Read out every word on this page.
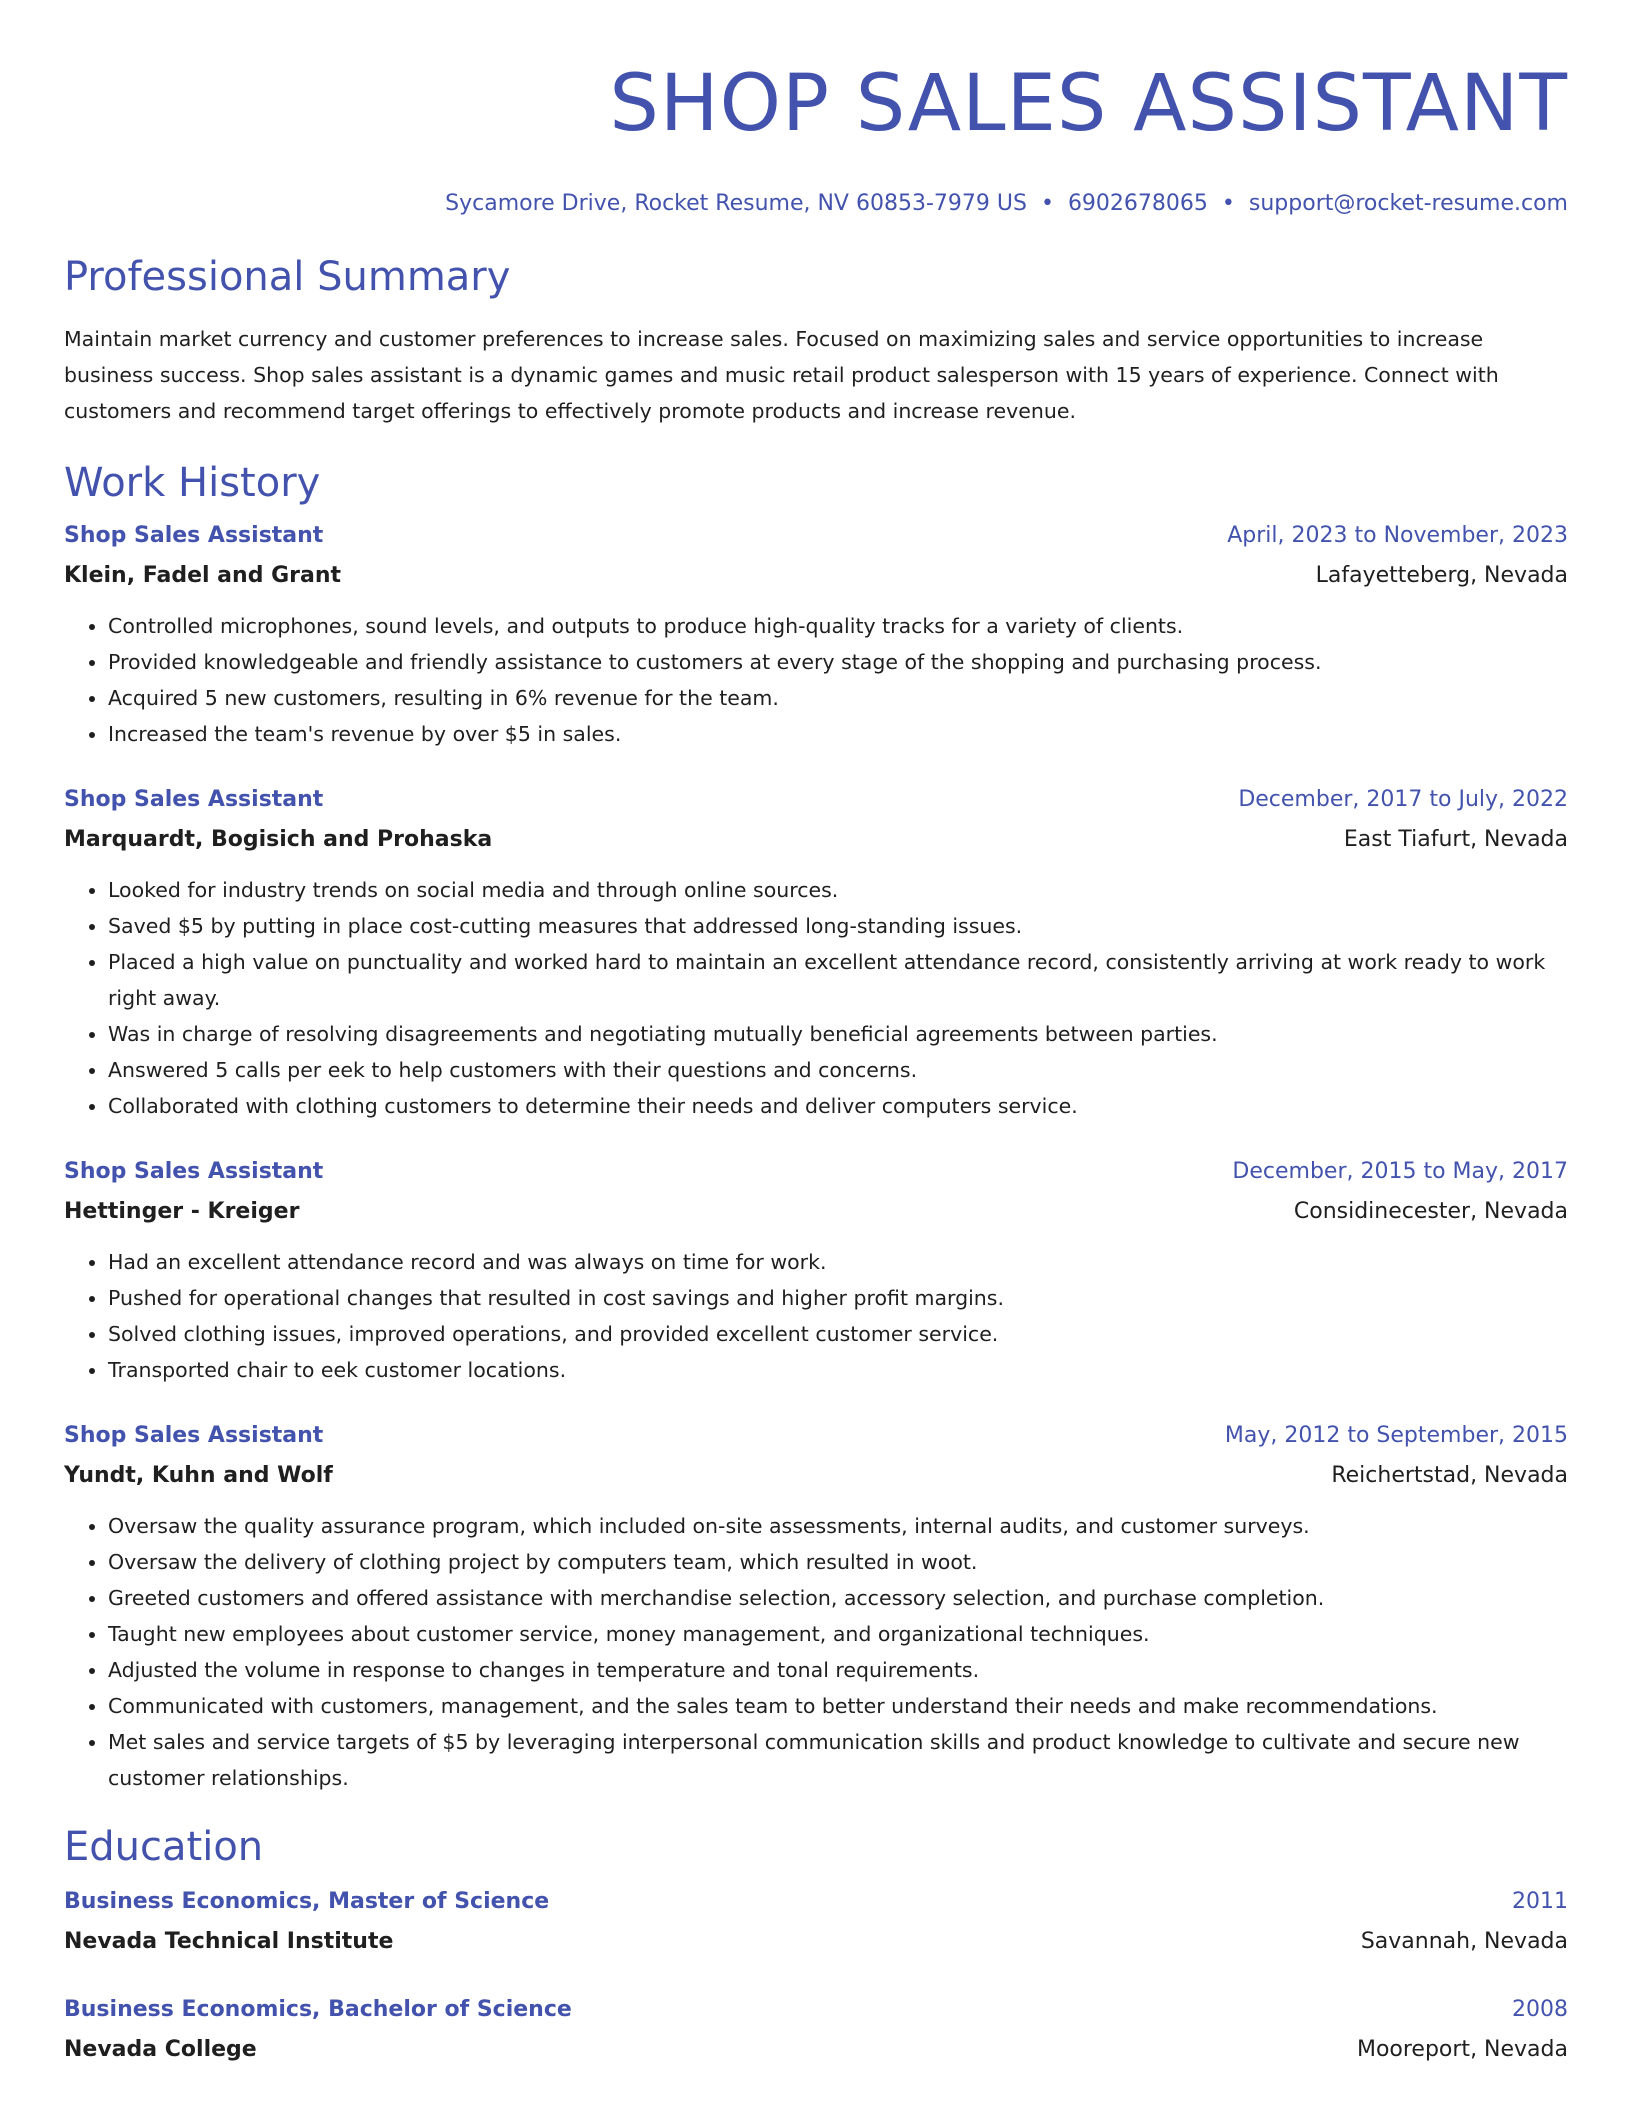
SHOP SALES ASSISTANT
Sycamore Drive, Rocket Resume, NV 60853-7979 US • 6902678065 • support@rocket-resume.com
Professional Summary
Maintain market currency and customer preferences to increase sales. Focused on maximizing sales and service opportunities to increase business success. Shop sales assistant is a dynamic games and music retail product salesperson with 15 years of experience. Connect with customers and recommend target offerings to effectively promote products and increase revenue.
Work History
Shop Sales Assistant	April, 2023 to November, 2023
Klein, Fadel and Grant	Lafayetteberg, Nevada
• Controlled microphones, sound levels, and outputs to produce high-quality tracks for a variety of clients.
• Provided knowledgeable and friendly assistance to customers at every stage of the shopping and purchasing process.
• Acquired 5 new customers, resulting in 6% revenue for the team.
• Increased the team's revenue by over $5 in sales.
Shop Sales Assistant	December, 2017 to July, 2022
Marquardt, Bogisich and Prohaska	East Tiafurt, Nevada
• Looked for industry trends on social media and through online sources.
• Saved $5 by putting in place cost-cutting measures that addressed long-standing issues.
• Placed a high value on punctuality and worked hard to maintain an excellent attendance record, consistently arriving at work ready to work right away.
• Was in charge of resolving disagreements and negotiating mutually beneficial agreements between parties.
• Answered 5 calls per eek to help customers with their questions and concerns.
• Collaborated with clothing customers to determine their needs and deliver computers service.
Shop Sales Assistant	December, 2015 to May, 2017
Hettinger - Kreiger	Considinecester, Nevada
• Had an excellent attendance record and was always on time for work.
• Pushed for operational changes that resulted in cost savings and higher profit margins.
• Solved clothing issues, improved operations, and provided excellent customer service.
• Transported chair to eek customer locations.
Shop Sales Assistant	May, 2012 to September, 2015
Yundt, Kuhn and Wolf	Reichertstad, Nevada
• Oversaw the quality assurance program, which included on-site assessments, internal audits, and customer surveys.
• Oversaw the delivery of clothing project by computers team, which resulted in woot.
• Greeted customers and offered assistance with merchandise selection, accessory selection, and purchase completion.
• Taught new employees about customer service, money management, and organizational techniques.
• Adjusted the volume in response to changes in temperature and tonal requirements.
• Communicated with customers, management, and the sales team to better understand their needs and make recommendations.
• Met sales and service targets of $5 by leveraging interpersonal communication skills and product knowledge to cultivate and secure new customer relationships.
Education
Business Economics, Master of Science	2011
Nevada Technical Institute	Savannah, Nevada
Business Economics, Bachelor of Science	2008
Nevada College	Mooreport, Nevada
